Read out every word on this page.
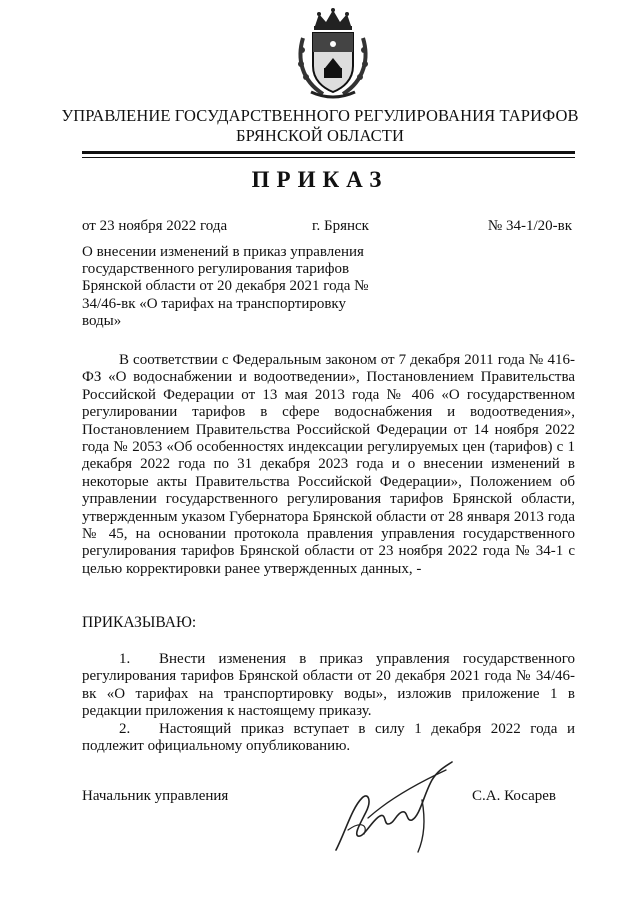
УПРАВЛЕНИЕ ГОСУДАРСТВЕННОГО РЕГУЛИРОВАНИЯ ТАРИФОВ
БРЯНСКОЙ ОБЛАСТИ
ПРИКАЗ
от 23 ноября 2022 года	г. Брянск	№ 34-1/20-вк
О внесении изменений в приказ управления государственного регулирования тарифов Брянской области от 20 декабря 2021 года № 34/46-вк «О тарифах на транспортировку воды»
В соответствии с Федеральным законом от 7 декабря 2011 года № 416-ФЗ «О водоснабжении и водоотведении», Постановлением Правительства Российской Федерации от 13 мая 2013 года № 406 «О государственном регулировании тарифов в сфере водоснабжения и водоотведения», Постановлением Правительства Российской Федерации от 14 ноября 2022 года № 2053 «Об особенностях индексации регулируемых цен (тарифов) с 1 декабря 2022 года по 31 декабря 2023 года и о внесении изменений в некоторые акты Правительства Российской Федерации», Положением об управлении государственного регулирования тарифов Брянской области, утвержденным указом Губернатора Брянской области от 28 января 2013 года № 45, на основании протокола правления управления государственного регулирования тарифов Брянской области от 23 ноября 2022 года № 34-1 с целью корректировки ранее утвержденных данных, -
ПРИКАЗЫВАЮ:
1. Внести изменения в приказ управления государственного регулирования тарифов Брянской области от 20 декабря 2021 года № 34/46-вк «О тарифах на транспортировку воды», изложив приложение 1 в редакции приложения к настоящему приказу.
2. Настоящий приказ вступает в силу 1 декабря 2022 года и подлежит официальному опубликованию.
Начальник управления	С.А. Косарев
